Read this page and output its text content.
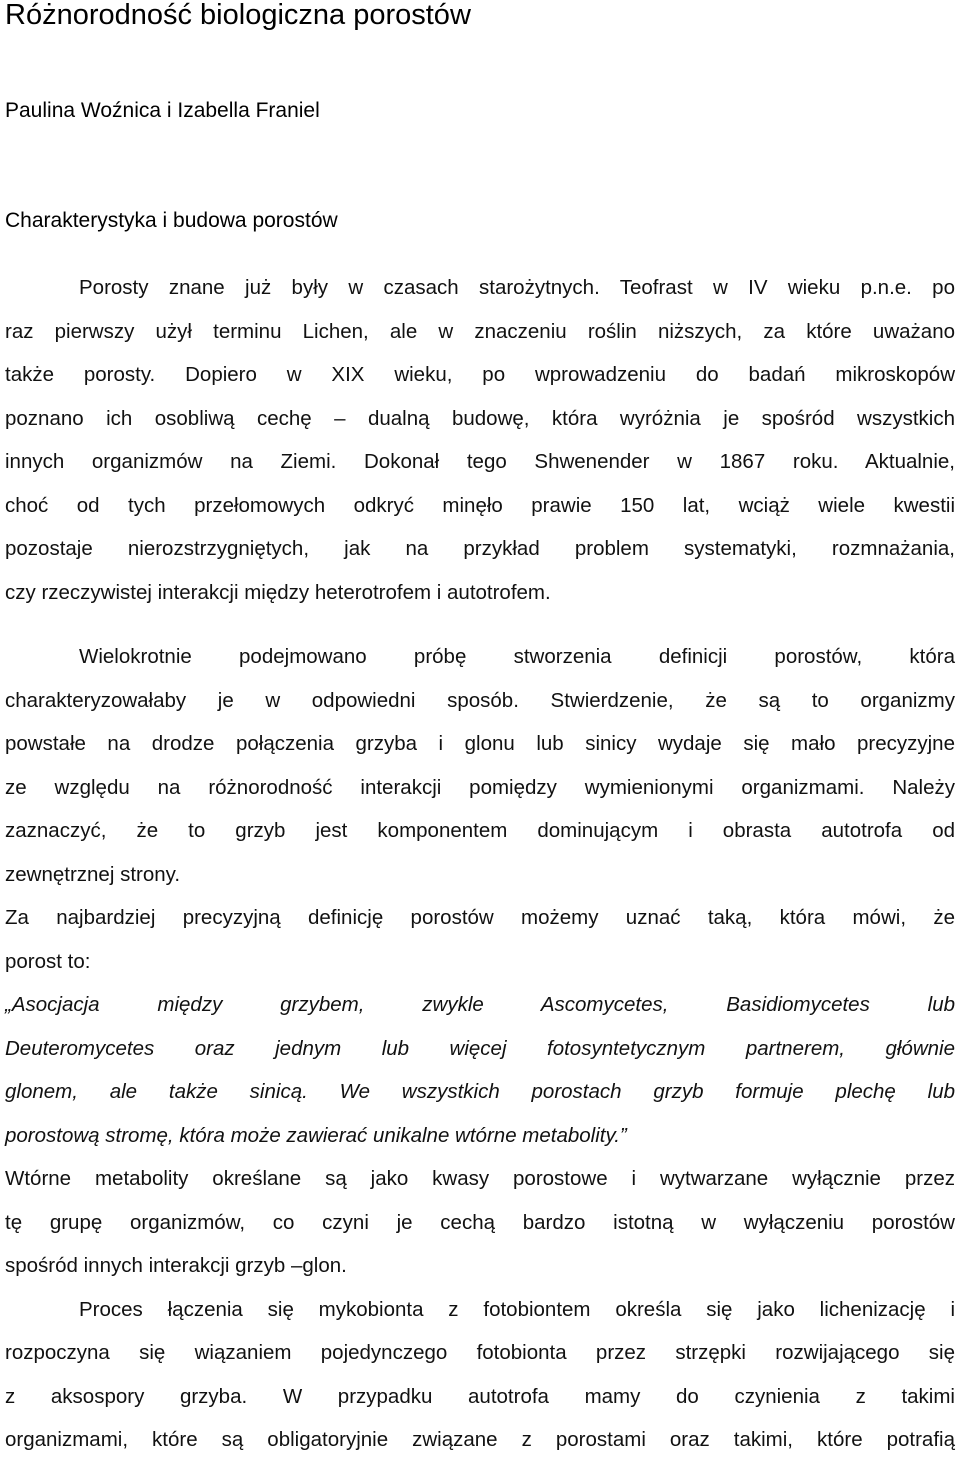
Różnorodność biologiczna porostów
Paulina Woźnica i Izabella Franiel
Charakterystyka i budowa porostów
Porosty znane już były w czasach starożytnych. Teofrast w IV wieku p.n.e. po
raz pierwszy użył terminu Lichen, ale w znaczeniu roślin niższych, za które uważano
także porosty. Dopiero w XIX wieku, po wprowadzeniu do badań mikroskopów
poznano ich osobliwą cechę – dualną budowę, która wyróżnia je spośród wszystkich
innych organizmów na Ziemi. Dokonał tego Shwenender w 1867 roku. Aktualnie,
choć od tych przełomowych odkryć minęło prawie 150 lat, wciąż wiele kwestii
pozostaje nierozstrzygniętych, jak na przykład problem systematyki, rozmnażania,
czy rzeczywistej interakcji między heterotrofem i autotrofem.
Wielokrotnie podejmowano próbę stworzenia definicji porostów, która
charakteryzowałaby je w odpowiedni sposób. Stwierdzenie, że są to organizmy
powstałe na drodze połączenia grzyba i glonu lub sinicy wydaje się mało precyzyjne
ze względu na różnorodność interakcji pomiędzy wymienionymi organizmami. Należy
zaznaczyć, że to grzyb jest komponentem dominującym i obrasta autotrofa od
zewnętrznej strony.
Za najbardziej precyzyjną definicję porostów możemy uznać taką, która mówi, że
porost to:
„Asocjacja między grzybem, zwykle Ascomycetes, Basidiomycetes lub
Deuteromycetes oraz jednym lub więcej fotosyntetycznym partnerem, głównie
glonem, ale także sinicą. We wszystkich porostach grzyb formuje plechę lub
porostową stromę, która może zawierać unikalne wtórne metabolity.”
Wtórne metabolity określane są jako kwasy porostowe i wytwarzane wyłącznie przez
tę grupę organizmów, co czyni je cechą bardzo istotną w wyłączeniu porostów
spośród innych interakcji grzyb –glon.
Proces łączenia się mykobionta z fotobiontem określa się jako lichenizację i
rozpoczyna się wiązaniem pojedynczego fotobionta przez strzępki rozwijającego się
z aksospory grzyba. W przypadku autotrofa mamy do czynienia z takimi
organizmami, które są obligatoryjnie związane z porostami oraz takimi, które potrafią
